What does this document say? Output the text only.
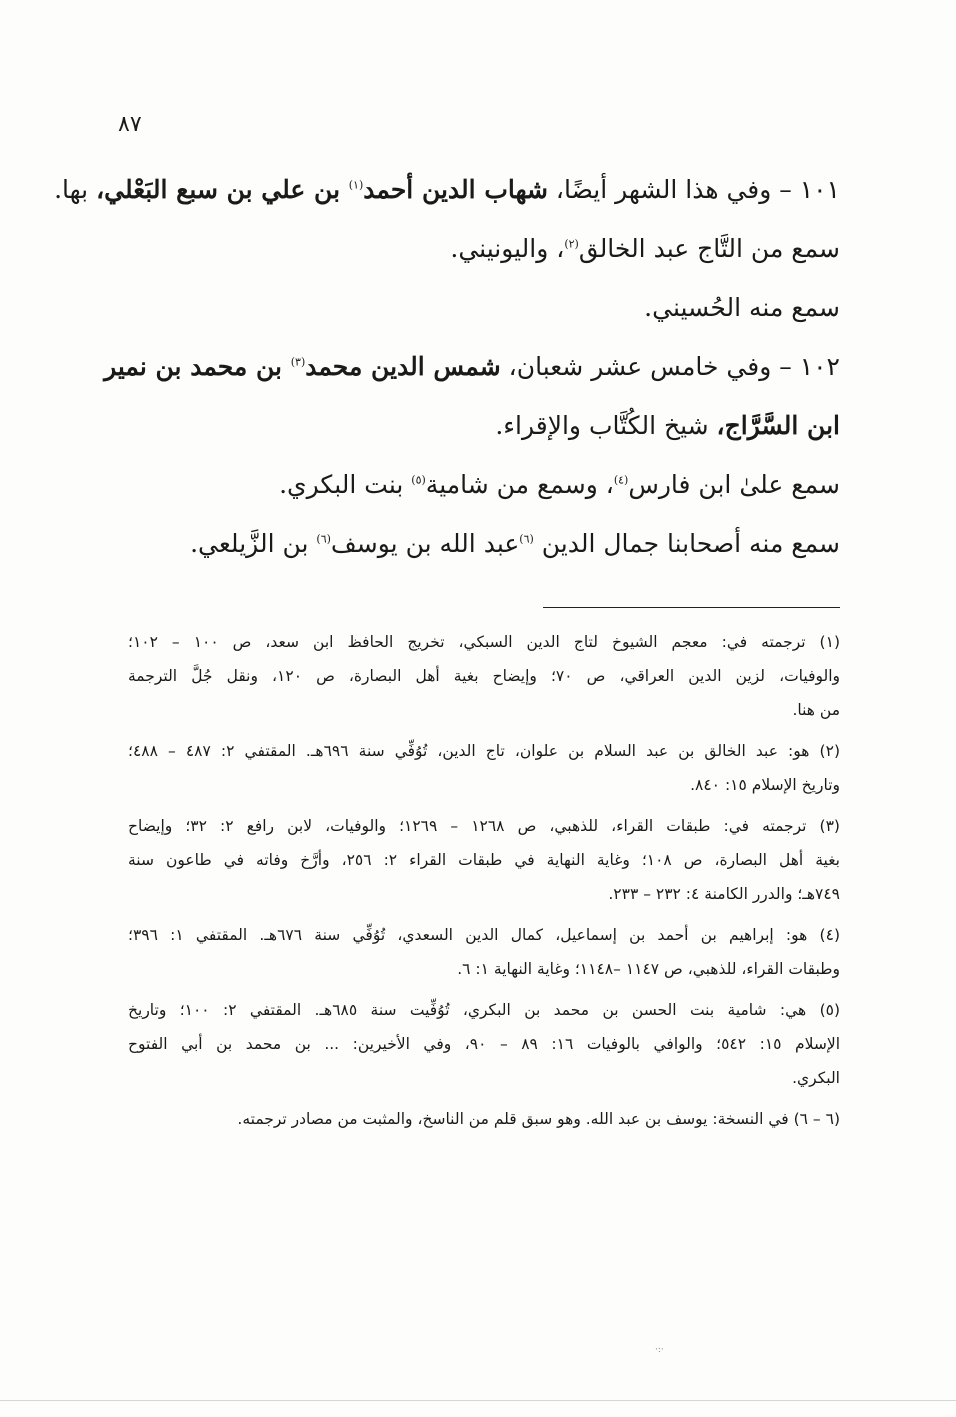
٨٧
١٠١ – وفي هذا الشهر أيضًا، شهاب الدين أحمد$^{(١)}$ بن علي بن سبع البَعْلي، بها.
سمع من التَّاج عبد الخالق$^{(٢)}$، واليونيني.
سمع منه الحُسيني.
١٠٢ – وفي خامس عشر شعبان، شمس الدين محمد$^{(٣)}$ بن محمد بن نمير
ابن السَّرَّاج، شيخ الكُتَّاب والإقراء.
سمع علىٰ ابن فارس$^{(٤)}$، وسمع من شامية$^{(٥)}$ بنت البكري.
سمع منه أصحابنا جمال الدين $^{(٦)}$عبد الله بن يوسف$^{(٦)}$ بن الزَّيلعي.
(١) ترجمته في: معجم الشيوخ لتاج الدين السبكي، تخريج الحافظ ابن سعد، ص ١٠٠ – ١٠٢؛
والوفيات، لزين الدين العراقي، ص ٧٠؛ وإيضاح بغية أهل البصارة، ص ١٢٠، ونقل جُلَّ الترجمة
من هنا.
(٢) هو: عبد الخالق بن عبد السلام بن علوان، تاج الدين، تُوُفِّي سنة ٦٩٦هـ. المقتفي ٢: ٤٨٧ – ٤٨٨؛
وتاريخ الإسلام ١٥: ٨٤٠.
(٣) ترجمته في: طبقات القراء، للذهبي، ص ١٢٦٨ – ١٢٦٩؛ والوفيات، لابن رافع ٢: ٣٢؛ وإيضاح
بغية أهل البصارة، ص ١٠٨؛ وغاية النهاية في طبقات القراء ٢: ٢٥٦، وأرَّخ وفاته في طاعون سنة
٧٤٩هـ؛ والدرر الكامنة ٤: ٢٣٢ – ٢٣٣.
(٤) هو: إبراهيم بن أحمد بن إسماعيل، كمال الدين السعدي، تُوُفِّي سنة ٦٧٦هـ. المقتفي ١: ٣٩٦؛
وطبقات القراء، للذهبي، ص ١١٤٧ –١١٤٨؛ وغاية النهاية ١: ٦.
(٥) هي: شامية بنت الحسن بن محمد بن البكري، تُوُفِّيت سنة ٦٨٥هـ. المقتفي ٢: ١٠٠؛ وتاريخ
الإسلام ١٥: ٥٤٢؛ والوافي بالوفيات ١٦: ٨٩ – ٩٠، وفي الأخيرين: ... بن محمد بن أبي الفتوح
البكري.
(٦ – ٦) في النسخة: يوسف بن عبد الله. وهو سبق قلم من الناسخ، والمثبت من مصادر ترجمته.
·:·
